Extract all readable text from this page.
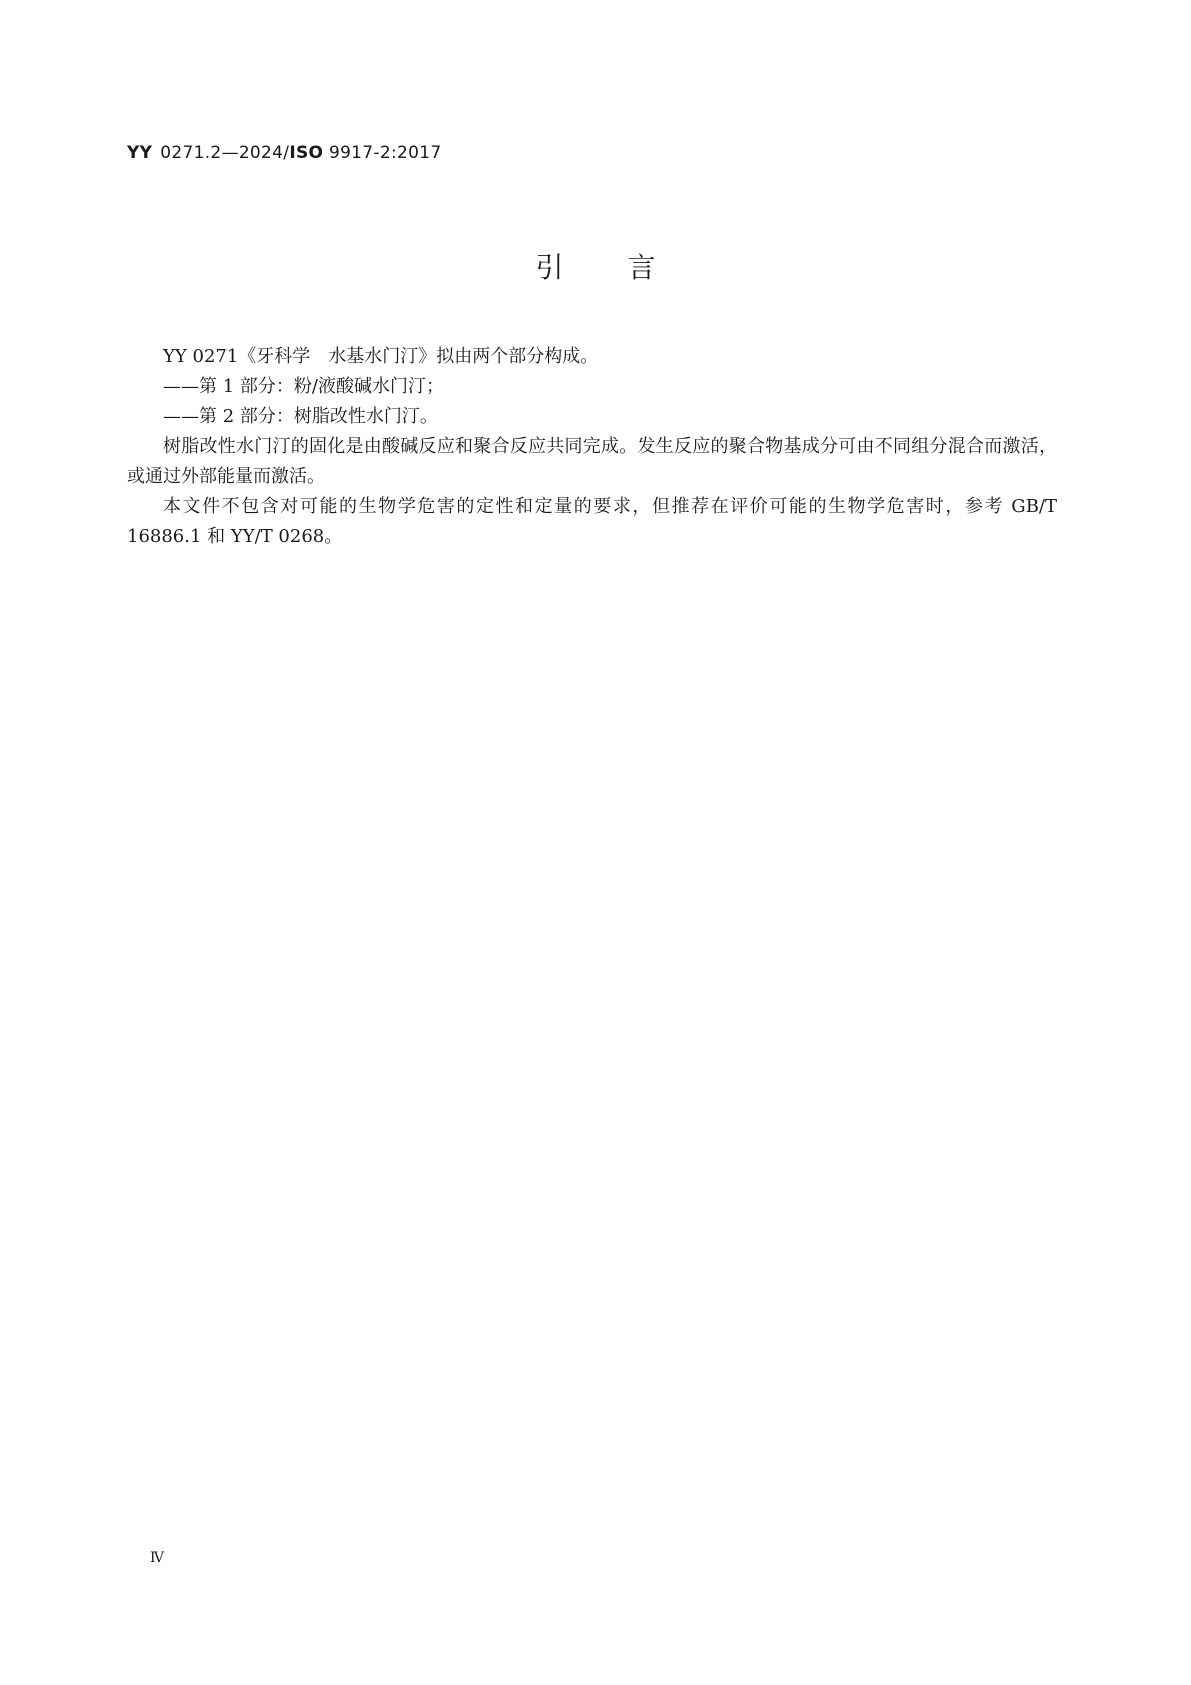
YY 0271.2—2024/ISO 9917-2:2017
引言

YY 0271《牙科学　水基水门汀》拟由两个部分构成。

——第 1 部分：粉/液酸碱水门汀；

——第 2 部分：树脂改性水门汀。

树脂改性水门汀的固化是由酸碱反应和聚合反应共同完成。发生反应的聚合物基成分可由不同组分混合而激活，或通过外部能量而激活。

本文件不包含对可能的生物学危害的定性和定量的要求，但推荐在评价可能的生物学危害时，参考 GB/T 16886.1 和 YY/T 0268。

Ⅳ
